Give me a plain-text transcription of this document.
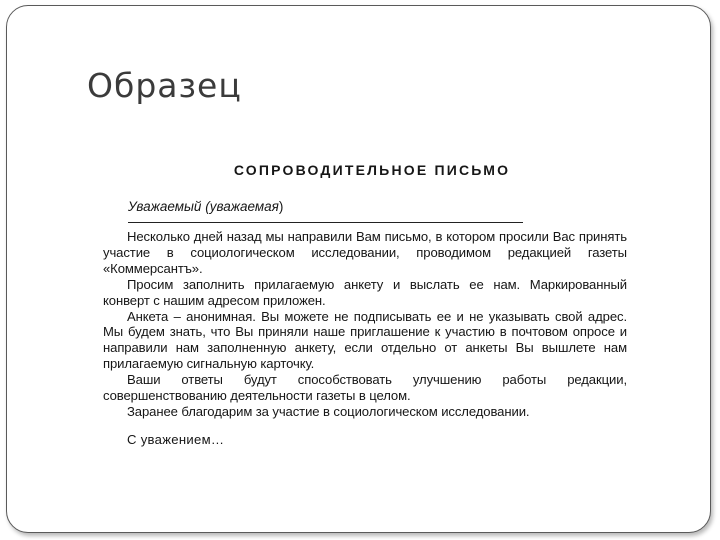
Образец
СОПРОВОДИТЕЛЬНОЕ ПИСЬМО
Уважаемый (уважаемая)

Несколько дней назад мы направили Вам письмо, в котором просили Вас принять участие в социологическом исследовании, проводимом редакцией газеты «Коммерсантъ».

Просим заполнить прилагаемую анкету и выслать ее нам. Маркированный конверт с нашим адресом приложен.

Анкета – анонимная. Вы можете не подписывать ее и не указывать свой адрес. Мы будем знать, что Вы приняли наше приглашение к участию в почтовом опросе и направили нам заполненную анкету, если отдельно от анкеты Вы вышлете нам прилагаемую сигнальную карточку.

Ваши ответы будут способствовать улучшению работы редакции, совершенствованию деятельности газеты в целом.

Заранее благодарим за участие в социологическом исследовании.

С уважением…
